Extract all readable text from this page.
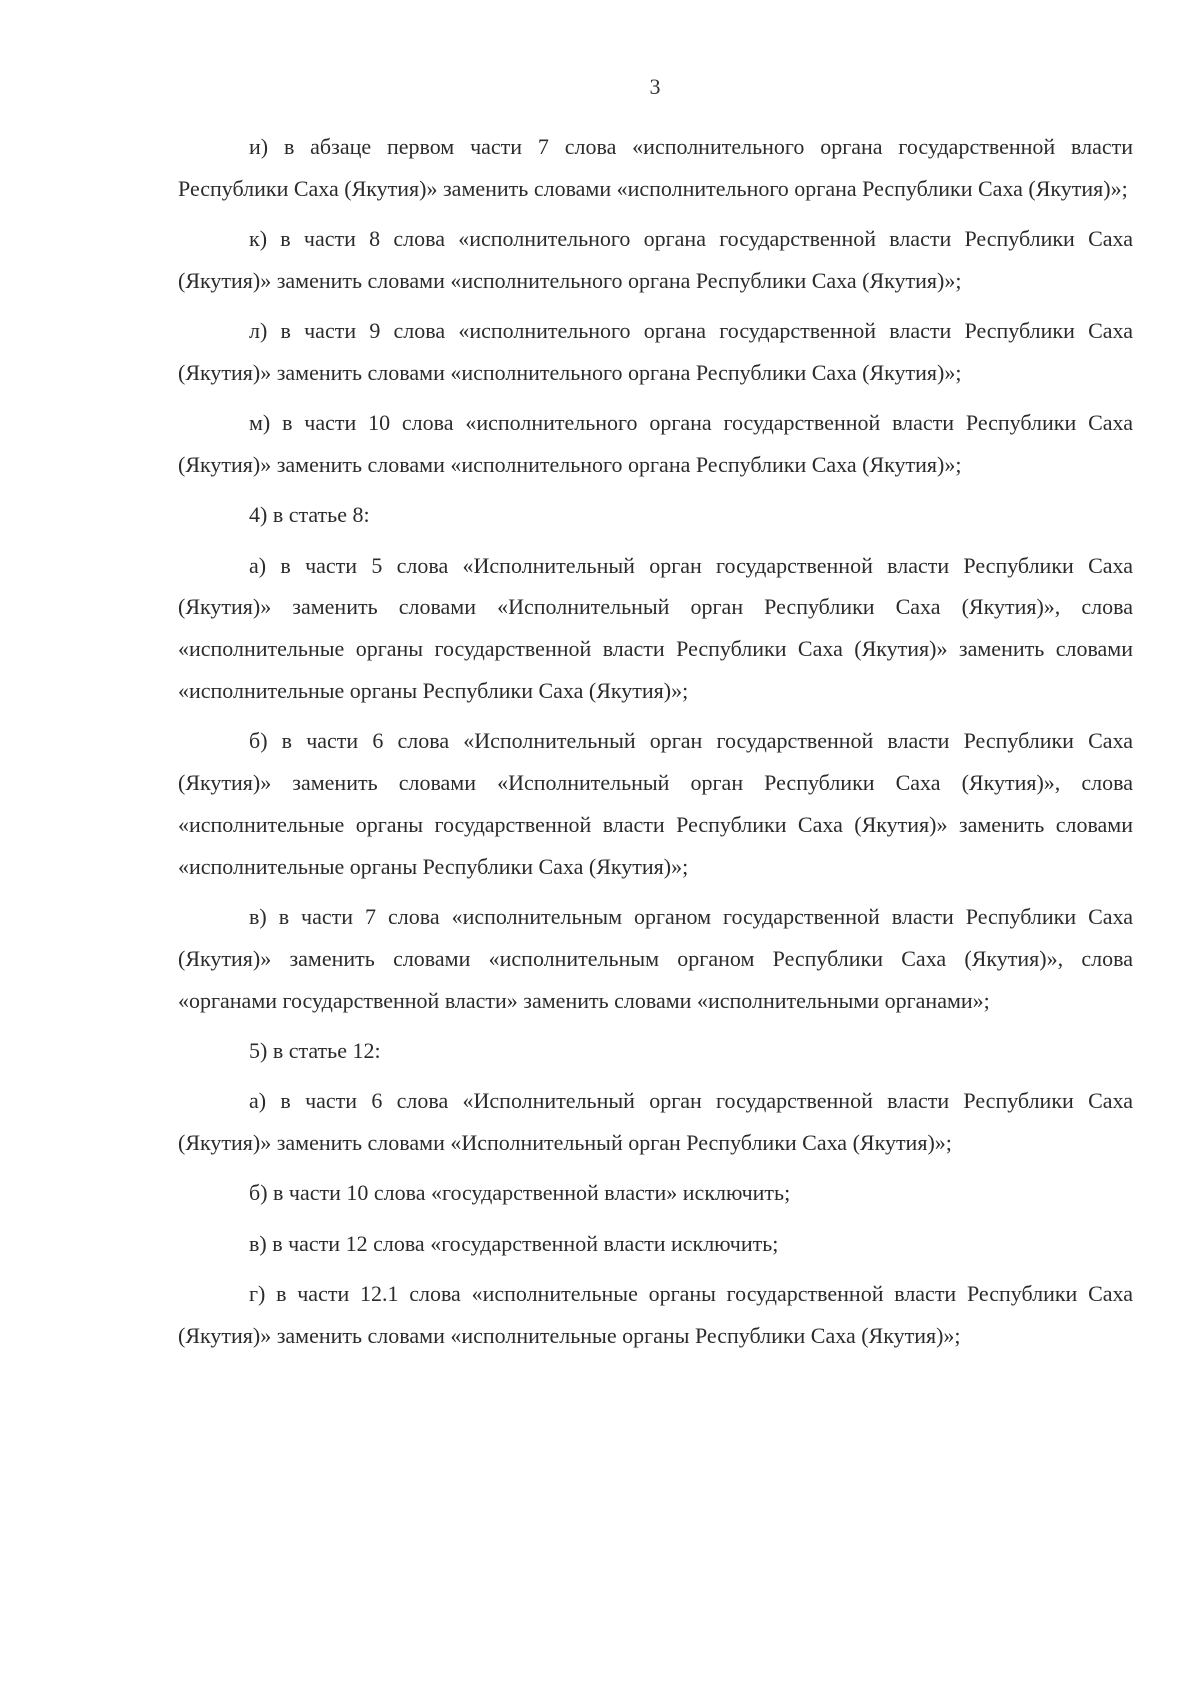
3

и) в абзаце первом части 7 слова «исполнительного органа государственной власти Республики Саха (Якутия)» заменить словами «исполнительного органа Республики Саха (Якутия)»;

к) в части 8 слова «исполнительного органа государственной власти Республики Саха (Якутия)» заменить словами «исполнительного органа Республики Саха (Якутия)»;

л) в части 9 слова «исполнительного органа государственной власти Республики Саха (Якутия)» заменить словами «исполнительного органа Республики Саха (Якутия)»;

м) в части 10 слова «исполнительного органа государственной власти Республики Саха (Якутия)» заменить словами «исполнительного органа Республики Саха (Якутия)»;

4) в статье 8:

а) в части 5 слова «Исполнительный орган государственной власти Республики Саха (Якутия)» заменить словами «Исполнительный орган Республики Саха (Якутия)», слова «исполнительные органы государственной власти Республики Саха (Якутия)» заменить словами «исполнительные органы Республики Саха (Якутия)»;

б) в части 6 слова «Исполнительный орган государственной власти Республики Саха (Якутия)» заменить словами «Исполнительный орган Республики Саха (Якутия)», слова «исполнительные органы государственной власти Республики Саха (Якутия)» заменить словами «исполнительные органы Республики Саха (Якутия)»;

в) в части 7 слова «исполнительным органом государственной власти Республики Саха (Якутия)» заменить словами «исполнительным органом Республики Саха (Якутия)», слова «органами государственной власти» заменить словами «исполнительными органами»;

5) в статье 12:

а) в части 6 слова «Исполнительный орган государственной власти Республики Саха (Якутия)» заменить словами «Исполнительный орган Республики Саха (Якутия)»;

б) в части 10 слова «государственной власти» исключить;

в) в части 12 слова «государственной власти исключить;

г) в части 12.1 слова «исполнительные органы государственной власти Республики Саха (Якутия)» заменить словами «исполнительные органы Республики Саха (Якутия)»;
